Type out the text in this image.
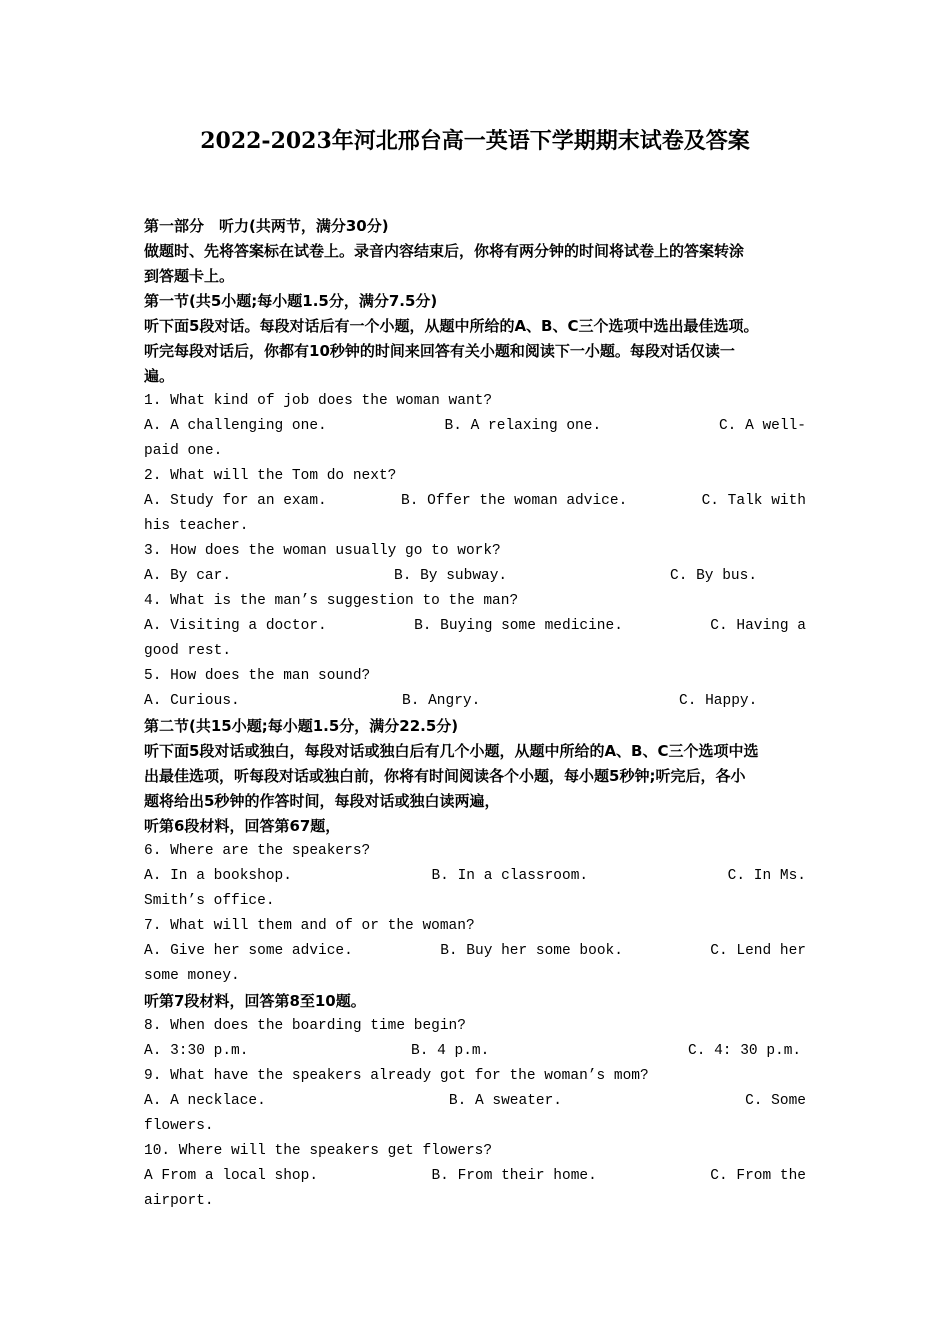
2022-2023年河北邢台高一英语下学期期末试卷及答案
第一部分　听力(共两节，满分30分)
做题时、先将答案标在试卷上。录音内容结束后，你将有两分钟的时间将试卷上的答案转涂
到答题卡上。
第一节(共5小题;每小题1.5分，满分7.5分)
听下面5段对话。每段对话后有一个小题，从题中所给的A、B、C三个选项中选出最佳选项。
听完每段对话后，你都有10秒钟的时间来回答有关小题和阅读下一小题。每段对话仅读一
遍。
1. What kind of job does the woman want?
A. A challenging one.	B. A relaxing one.	C. A well-
paid one.
2. What will the Tom do next?
A. Study for an exam.	B. Offer the woman advice.	C. Talk with
his teacher.
3. How does the woman usually go to work?
A. By car.	B. By subway.	C. By bus.
4. What is the man’s suggestion to the man?
A. Visiting a doctor.	B. Buying some medicine.	C. Having a
good rest.
5. How does the man sound?
A. Curious.	B. Angry.	C. Happy.
第二节(共15小题;每小题1.5分，满分22.5分)
听下面5段对话或独白，每段对话或独白后有几个小题，从题中所给的A、B、C三个选项中选
出最佳选项，听每段对话或独白前，你将有时间阅读各个小题，每小题5秒钟;听完后，各小
题将给出5秒钟的作答时间，每段对话或独白读两遍，
听第6段材料，回答第67题，
6. Where are the speakers?
A. In a bookshop.	B. In a classroom.	C. In Ms.
Smith’s office.
7. What will them and of or the woman?
A. Give her some advice.	B. Buy her some book.	C. Lend her
some money.
听第7段材料，回答第8至10题。
8. When does the boarding time begin?
A. 3:30 p.m.	B. 4 p.m.	C. 4: 30 p.m.
9. What have the speakers already got for the woman’s mom?
A. A necklace.	B. A sweater.	C. Some
flowers.
10. Where will the speakers get flowers?
A From a local shop.	B. From their home.	C. From the
airport.
